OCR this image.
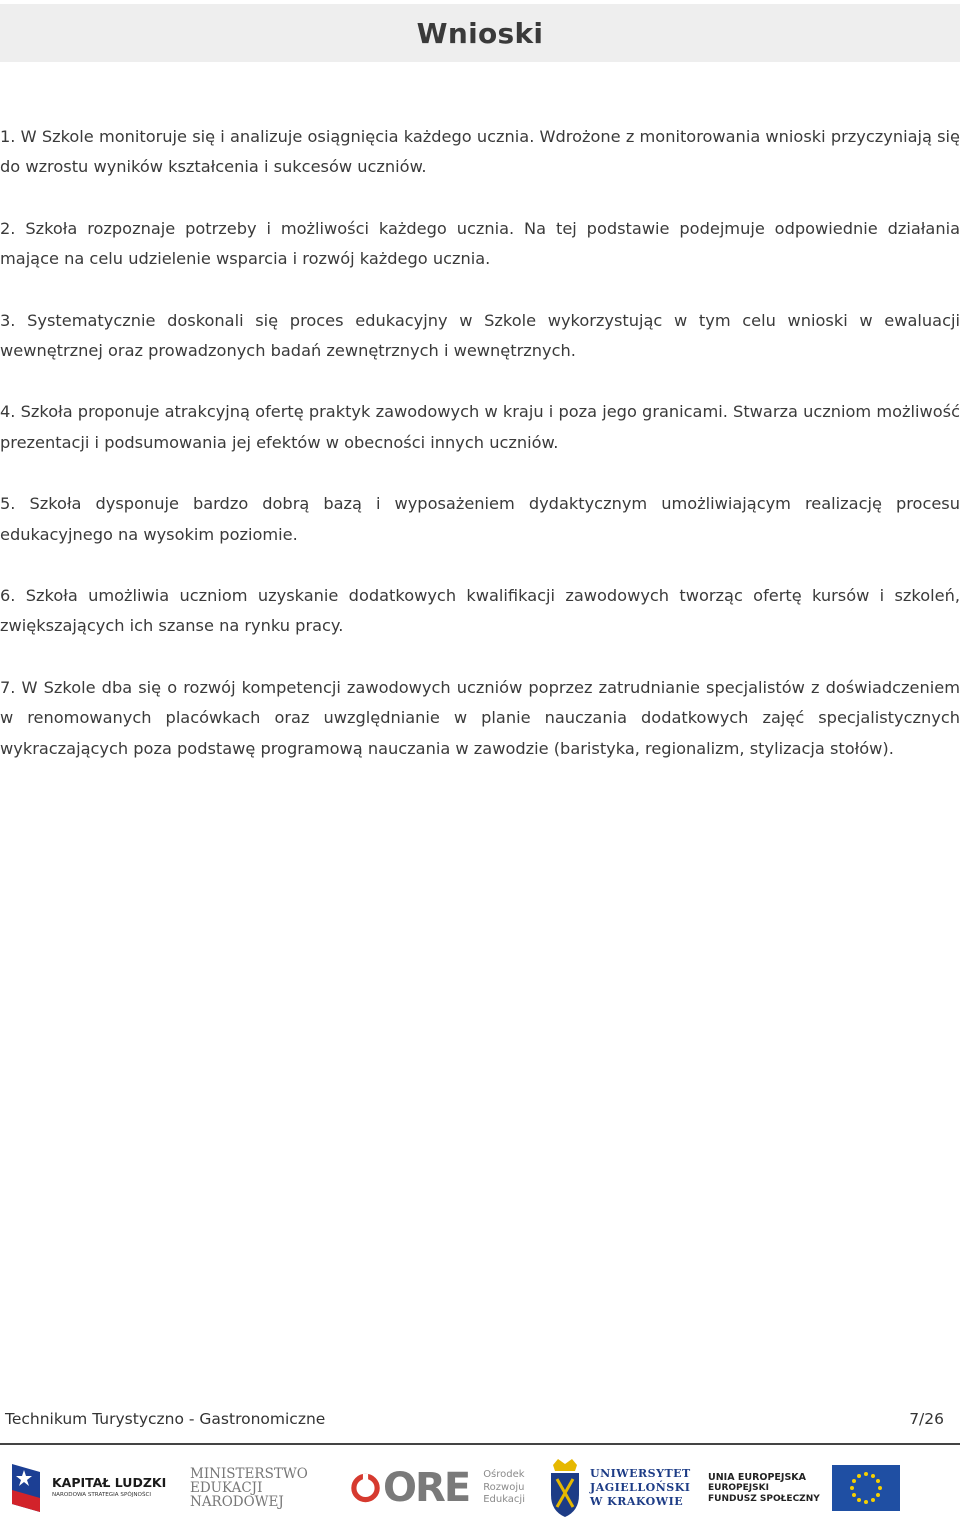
Wnioski

1. W Szkole monitoruje się i analizuje osiągnięcia każdego ucznia. Wdrożone z monitorowania wnioski przyczyniają się do wzrostu wyników kształcenia i sukcesów uczniów.

2. Szkoła rozpoznaje potrzeby i możliwości każdego ucznia. Na tej podstawie podejmuje odpowiednie działania mające na celu udzielenie wsparcia i rozwój każdego ucznia.

3. Systematycznie doskonali się proces edukacyjny w Szkole wykorzystując w tym celu wnioski w ewaluacji wewnętrznej oraz prowadzonych badań zewnętrznych i wewnętrznych.

4. Szkoła proponuje atrakcyjną ofertę praktyk zawodowych w kraju i poza jego granicami. Stwarza uczniom możliwość prezentacji i podsumowania jej efektów w obecności innych uczniów.

5. Szkoła dysponuje bardzo dobrą bazą i wyposażeniem dydaktycznym umożliwiającym realizację procesu edukacyjnego na wysokim poziomie.

6. Szkoła umożliwia uczniom uzyskanie dodatkowych kwalifikacji zawodowych tworząc ofertę kursów i szkoleń, zwiększających ich szanse na rynku pracy.

7. W Szkole dba się o rozwój kompetencji zawodowych uczniów poprzez zatrudnianie specjalistów z doświadczeniem w renomowanych placówkach oraz uwzględnianie w planie nauczania dodatkowych zajęć specjalistycznych wykraczających poza podstawę programową nauczania w zawodzie (baristyka, regionalizm, stylizacja stołów).

Technikum Turystyczno - Gastronomiczne	7/26
KAPITAŁ LUDZKI
NARODOWA STRATEGIA SPÓJNOŚCI
MINISTERSTWO
EDUKACJI
NARODOWEJ	ORE Ośrodek
Rozwoju
Edukacji
UNIWERSYTET
JAGIELLOŃSKI
W KRAKOWIE
UNIA EUROPEJSKA
EUROPEJSKI
FUNDUSZ SPOŁECZNY
